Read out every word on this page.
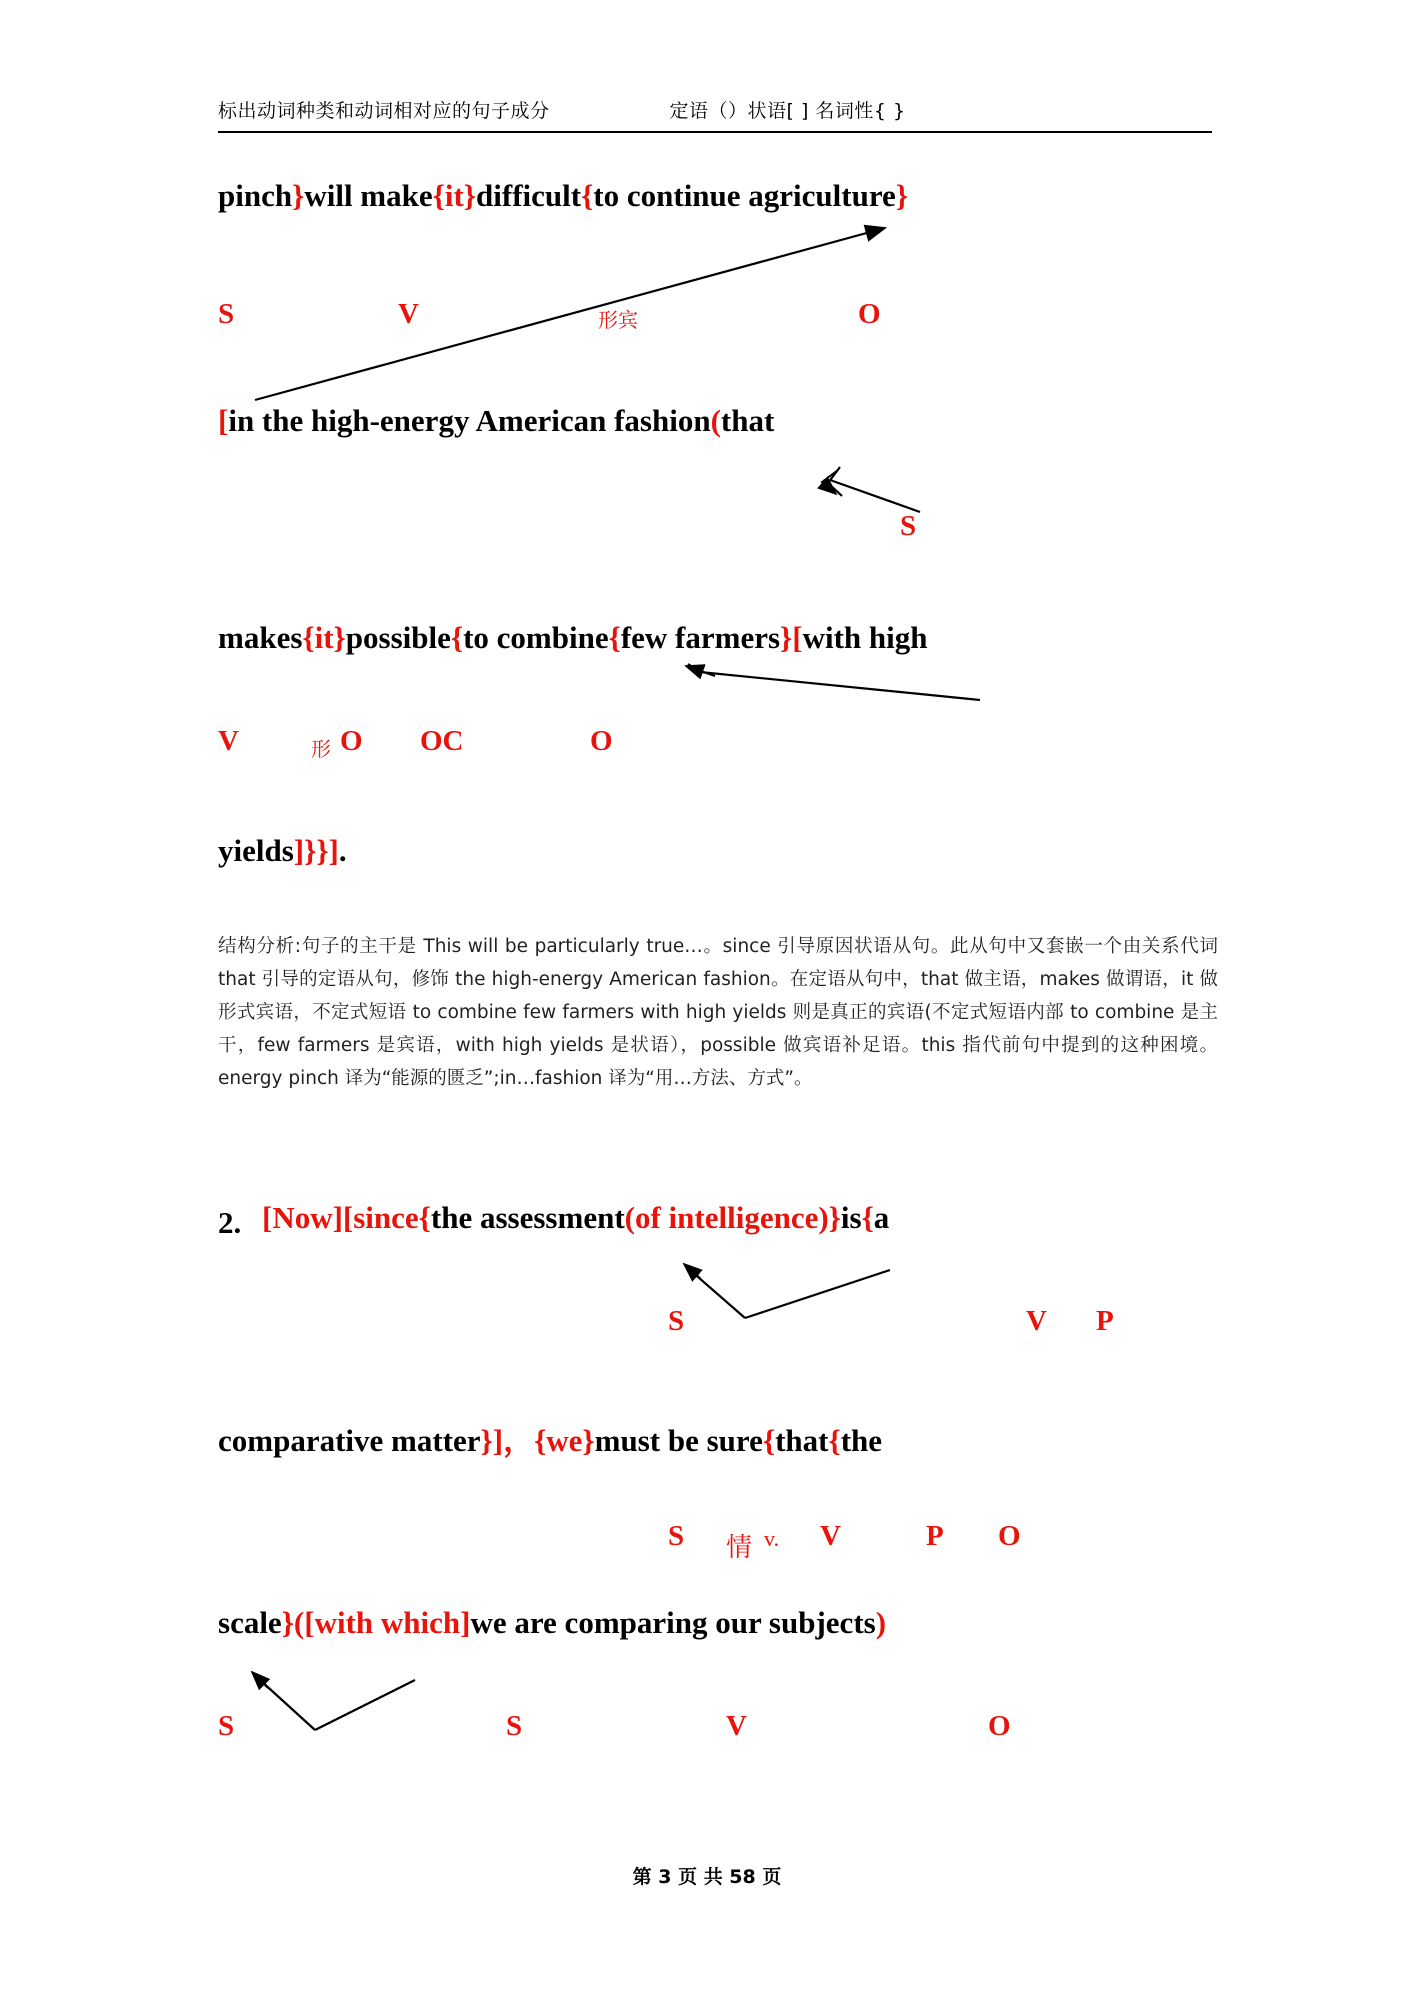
标出动词种类和动词相对应的句子成分	定语（）状语[ ] 名词性{ }
pinch}will make{it}difficult{to continue agriculture}
[in the high-energy American fashion(that
makes{it}possible{to combine{few farmers}[with high
yields]}}].
S	V	形宾	O
S
V	形 O OC	O
结构分析:句子的主干是 This will be particularly true…。since 引导原因状语从句。此从句中又套嵌一个由关系代词 that 引导的定语从句，修饰 the high-energy American fashion。在定语从句中，that 做主语，makes 做谓语，it 做形式宾语，不定式短语 to combine few farmers with high yields 则是真正的宾语(不定式短语内部 to combine 是主干，few farmers 是宾语，with high yields 是状语），possible 做宾语补足语。this 指代前句中提到的这种困境。energy pinch 译为“能源的匮乏”;in…fashion 译为“用…方法、方式”。
2. [Now][since{the assessment(of intelligence)}is{a
S	V P
comparative matter}]，{we}must be sure{that{the
S 情 v. V	P O
scale}([with which]we are comparing our subjects)
S	S	V	O
第 3 页 共 58 页
